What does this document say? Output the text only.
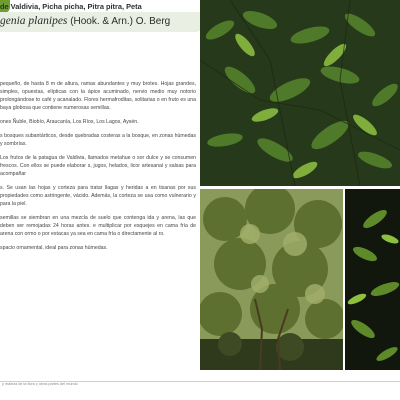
de Valdivia, Picha picha, Pitra pitra, Peta
genia planipes (Hook. & Arn.) O. Berg

pequeño, de hasta 8 m de altura, ramas abundantes y muy brotes. Hojas grandes, simples, opuestas, elípticas con la ápice acuminado, nervio medio muy notorio prolongándose to café y acanalado. Flores hermafroditas, solitarias o en fruto es una baya globosa que contiene numerosas semillas.

ones Ñuble, Biobío, Araucanía, Los Ríos, Los Lagos, Aysén.

s bosques subantárticos, desde quebradas costeras a la bosque, en zonas húmedas y sombrías.

Los frutos de la pataguа de Valdivia, llamados metahue o sor dulce y se consumen frescos. Con ellos se puede elaborar s, jugos, helados, licor artesanal y salsas para acompañar

s. Se usan las hojas y corteza para tratar llagas y heridas a en tisanas por sus propiedades como astringente, vácido. Además, la corteza se usa como vulnerario y para la piel.

semillas se siembran en una mezcla de suelo que contenga ida y arena, las que deben ser remojadas 24 horas antes. e multiplicar por esquejes en cama fría de arena con ormo o por estacas ya sea en cama fría o directamente al ro.

spacio ornamental, ideal para zonas húmedas.

y maleza de la flora y otras partes del mundo
